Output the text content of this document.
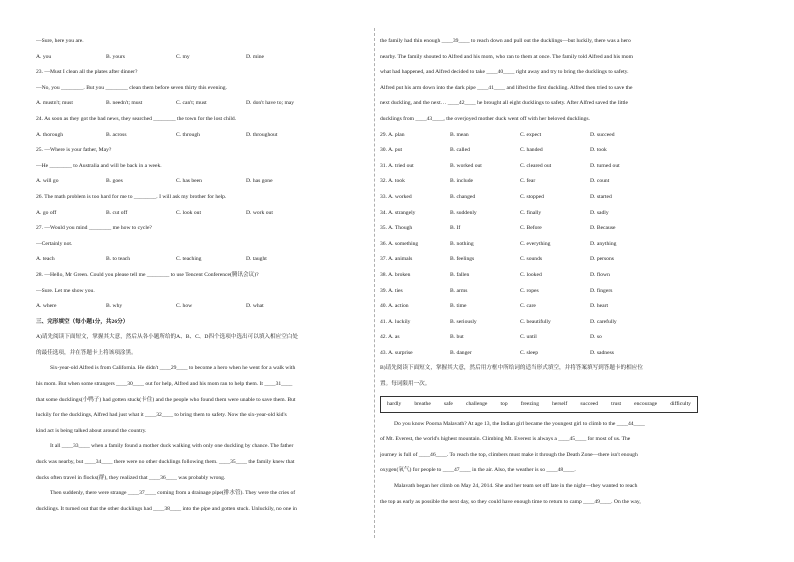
—Sure, here you are.
A. you	B. yours	C. my	D. mine
23. —Must I clean all the plates after dinner?
—No, you ________. But you ________ clean them before seven thirty this evening.
A. mustn't; must	B. needn't; must	C. can't; must	D. don't have to; may
24. As soon as they got the bad news, they searched ________ the town for the lost child.
A. thorough	B. across	C. through	D. throughout
25. —Where is your father, May?
—He ________ to Australia and will be back in a week.
A. will go	B. goes	C. has been	D. has gone
26. The math problem is too hard for me to ________. I will ask my brother for help.
A. go off	B. cut off	C. look out	D. work out
27. —Would you mind ________ me how to cycle?
—Certainly not.
A. teach	B. to teach	C. teaching	D. taught
28. —Hello, Mr Green. Could you please tell me ________ to use Tencent Conference(腾讯会议)?
—Sure. Let me show you.
A. where	B. why	C. how	D. what
三、完形填空（每小题1分，共26分）
A)请先阅读下面短文，掌握其大意，然后从各小题所给的A、B、C、D四个选项中选出可以填入相应空白处
的最佳选项，并在答题卡上将该项涂黑。
Six-year-old Alfred is from California. He didn't ____29____ to become a hero when he went for a walk with
his mom. But when some strangers ____30____ out for help, Alfred and his mom ran to help them. It ____31____
that some ducklings(小鸭子) had gotten stuck(卡住) and the people who found them were unable to save them. But
luckily for the ducklings, Alfred had just what it ____32____ to bring them to safety. Now the six-year-old kid's
kind act is being talked about around the country.
It all ____33____ when a family found a mother duck walking with only one duckling by chance. The father
duck was nearby, but ____34____ there were no other ducklings following them. ____35____ the family knew that
ducks often travel in flocks(群), they realized that ____36____ was probably wrong.
Then suddenly, there were strange ____37____ coming from a drainage pipe(排水管). They were the cries of
ducklings. It turned out that the other ducklings had ____38____ into the pipe and gotten stuck. Unluckily, no one in
the family had thin enough ____39____ to reach down and pull out the ducklings—but luckily, there was a hero
nearby. The family shouted to Alfred and his mom, who ran to them at once. The family told Alfred and his mom
what had happened, and Alfred decided to take ____40____ right away and try to bring the ducklings to safety.
Alfred put his arm down into the dark pipe ____41____ and lifted the first duckling. Alfred then tried to save the
next duckling, and the next… ____42____ he brought all eight ducklings to safety. After Alfred saved the little
ducklings from ____43____, the overjoyed mother duck went off with her beloved ducklings.
29. A. plan	B. mean	C. expect	D. succeed
30. A. put	B. called	C. handed	D. took
31. A. tried out	B. worked out	C. cleared out	D. turned out
32. A. took	B. include	C. fear	D. count
33. A. worked	B. changed	C. stopped	D. started
34. A. strangely	B. suddenly	C. finally	D. sadly
35. A. Though	B. If	C. Before	D. Because
36. A. something	B. nothing	C. everything	D. anything
37. A. animals	B. feelings	C. sounds	D. persons
38. A. broken	B. fallen	C. looked	D. flown
39. A. ties	B. arms	C. ropes	D. fingers
40. A. action	B. time	C. care	D. heart
41. A. luckily	B. seriously	C. beautifully	D. carefully
42. A. as	B. but	C. until	D. so
43. A. surprise	B. danger	C. sleep	D. sadness
B)请先阅读下面短文，掌握其大意，然后用方框中所给词的适当形式填空，并将答案填写到答题卡的相应位
置。每词限用一次。
hardly breathe safe challenge top freezing herself succeed trust encourage difficulty
Do you know Poorna Malavath? At age 13, the Indian girl became the youngest girl to climb to the ____44____
of Mt. Everest, the world's highest mountain. Climbing Mt. Everest is always a ____45____ for most of us. The
journey is full of ____46____. To reach the top, climbers must make it through the Death Zone—there isn't enough
oxygen(氧气) for people to ____47____ in the air. Also, the weather is so ____48____.
Malavath began her climb on May 24, 2014. She and her team set off late in the night—they wanted to reach
the top as early as possible the next day, so they could have enough time to return to camp ____49____. On the way,
